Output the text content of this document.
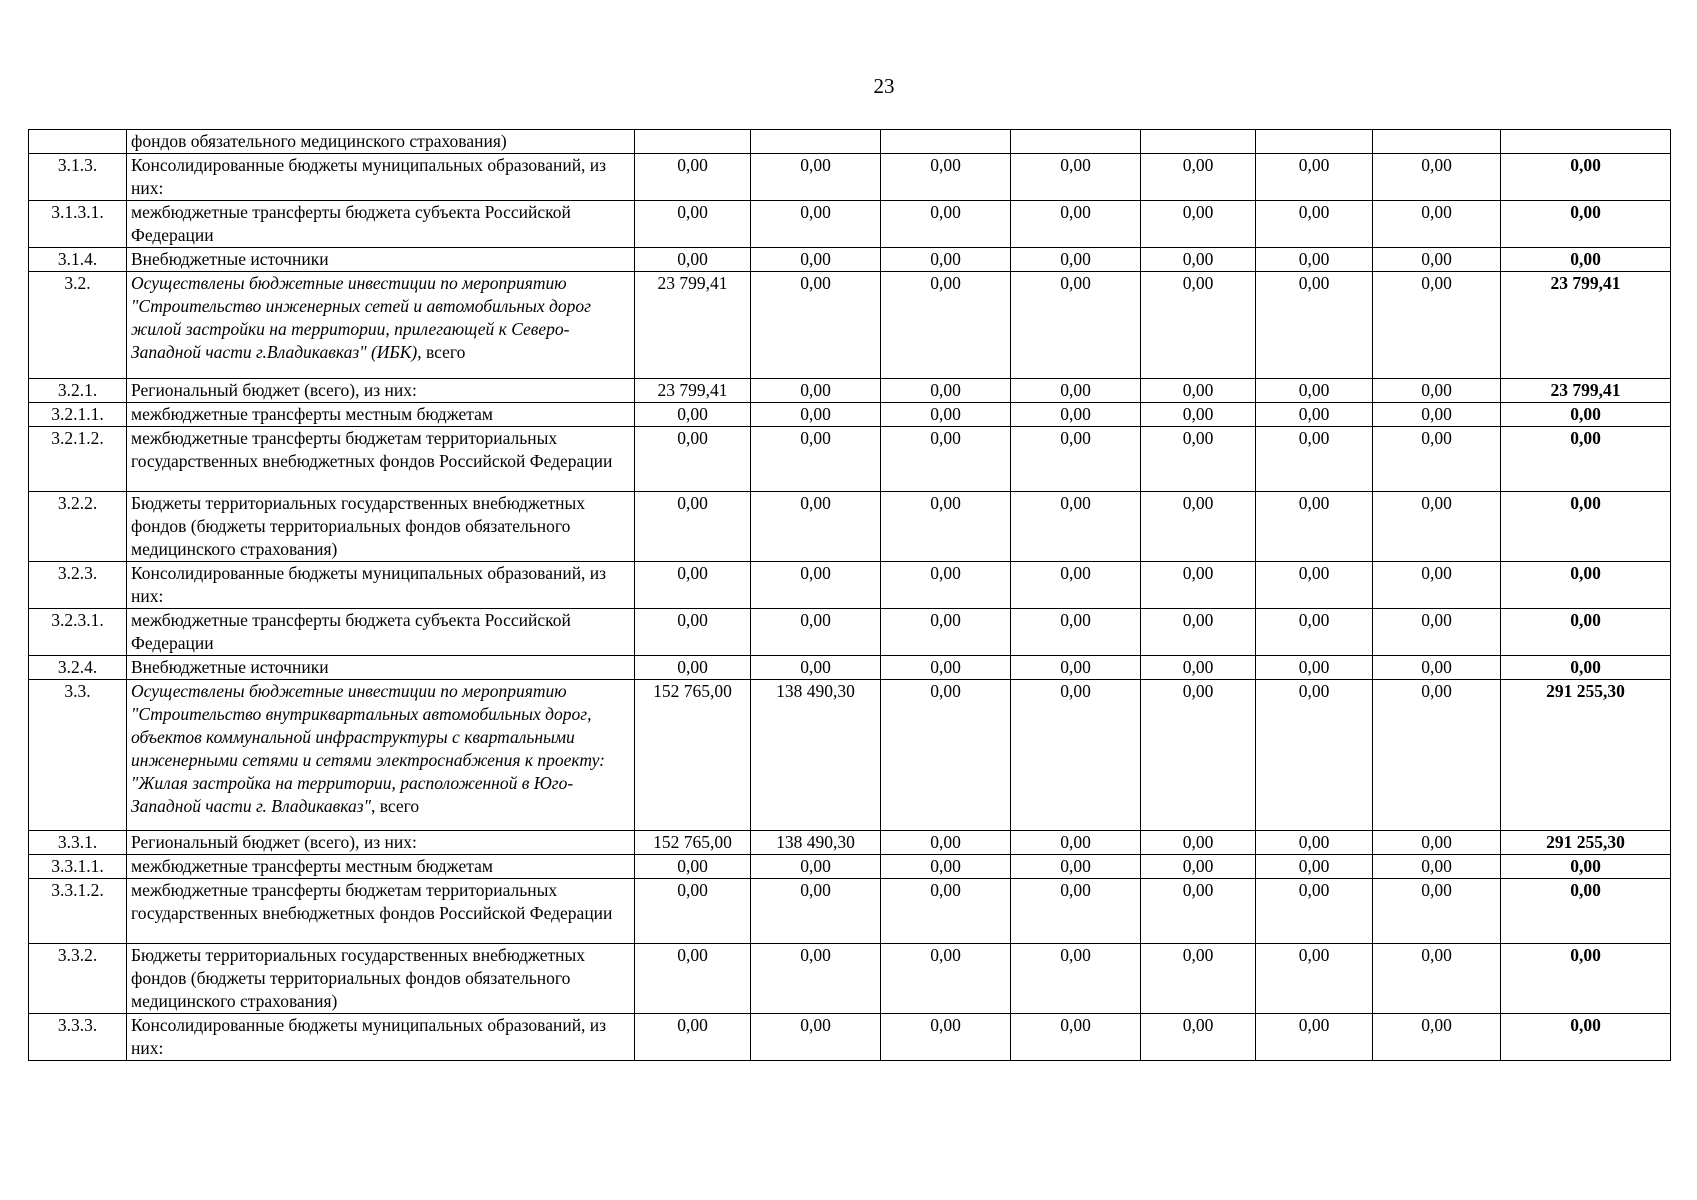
23
	фондов обязательного медицинского страхования)								
3.1.3.	Консолидированные бюджеты муниципальных образований, из них:	0,00	0,00	0,00	0,00	0,00	0,00	0,00	0,00
3.1.3.1.	межбюджетные трансферты бюджета субъекта Российской Федерации	0,00	0,00	0,00	0,00	0,00	0,00	0,00	0,00
3.1.4.	Внебюджетные источники	0,00	0,00	0,00	0,00	0,00	0,00	0,00	0,00
3.2.	Осуществлены бюджетные инвестиции по мероприятию "Строительство инженерных сетей и автомобильных дорог жилой застройки на территории, прилегающей к Северо-Западной части г.Владикавказ" (ИБК), всего	23 799,41	0,00	0,00	0,00	0,00	0,00	0,00	23 799,41
3.2.1.	Региональный бюджет (всего), из них:	23 799,41	0,00	0,00	0,00	0,00	0,00	0,00	23 799,41
3.2.1.1.	межбюджетные трансферты местным бюджетам	0,00	0,00	0,00	0,00	0,00	0,00	0,00	0,00
3.2.1.2.	межбюджетные трансферты бюджетам территориальных государственных внебюджетных фондов Российской Федерации	0,00	0,00	0,00	0,00	0,00	0,00	0,00	0,00
3.2.2.	Бюджеты территориальных государственных внебюджетных фондов (бюджеты территориальных фондов обязательного медицинского страхования)	0,00	0,00	0,00	0,00	0,00	0,00	0,00	0,00
3.2.3.	Консолидированные бюджеты муниципальных образований, из них:	0,00	0,00	0,00	0,00	0,00	0,00	0,00	0,00
3.2.3.1.	межбюджетные трансферты бюджета субъекта Российской Федерации	0,00	0,00	0,00	0,00	0,00	0,00	0,00	0,00
3.2.4.	Внебюджетные источники	0,00	0,00	0,00	0,00	0,00	0,00	0,00	0,00
3.3.	Осуществлены бюджетные инвестиции по мероприятию "Строительство внутриквартальных автомобильных дорог, объектов коммунальной инфраструктуры с квартальными инженерными сетями и сетями электроснабжения к проекту: "Жилая застройка на территории, расположенной в Юго-Западной части г. Владикавказ", всего	152 765,00	138 490,30	0,00	0,00	0,00	0,00	0,00	291 255,30
3.3.1.	Региональный бюджет (всего), из них:	152 765,00	138 490,30	0,00	0,00	0,00	0,00	0,00	291 255,30
3.3.1.1.	межбюджетные трансферты местным бюджетам	0,00	0,00	0,00	0,00	0,00	0,00	0,00	0,00
3.3.1.2.	межбюджетные трансферты бюджетам территориальных государственных внебюджетных фондов Российской Федерации	0,00	0,00	0,00	0,00	0,00	0,00	0,00	0,00
3.3.2.	Бюджеты территориальных государственных внебюджетных фондов (бюджеты территориальных фондов обязательного медицинского страхования)	0,00	0,00	0,00	0,00	0,00	0,00	0,00	0,00
3.3.3.	Консолидированные бюджеты муниципальных образований, из них:	0,00	0,00	0,00	0,00	0,00	0,00	0,00	0,00
